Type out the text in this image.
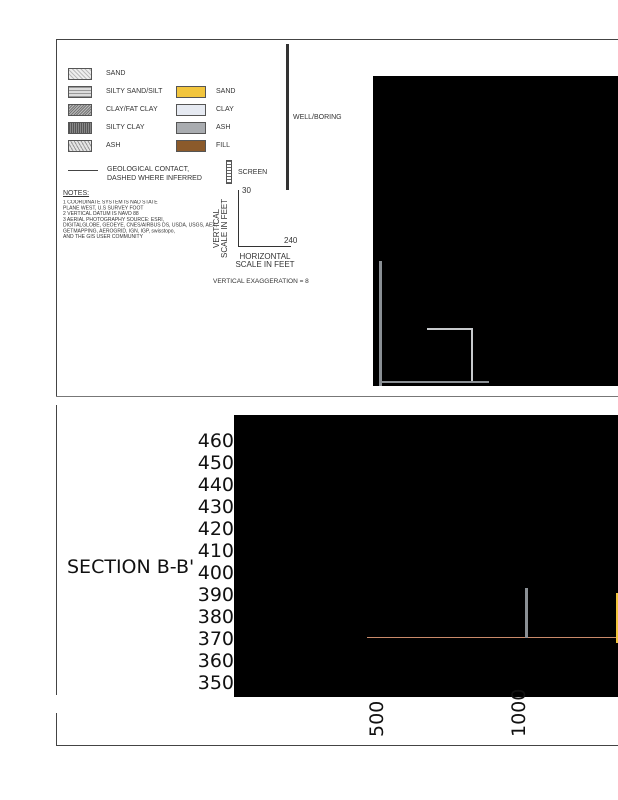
SAND
SILTY SAND/SILT
CLAY/FAT CLAY
SILTY CLAY
ASH
SAND
CLAY
ASH
FILL
WELL/BORING
GEOLOGICAL CONTACT,
DASHED WHERE INFERRED
SCREEN
NOTES:
1 COORDINATE SYSTEM IS NAD STATE
PLANE WEST, U.S SURVEY FOOT
2 VERTICAL DATUM IS NAVD 88
3 AERIAL PHOTOGRAPHY SOURCE: ESRI,
DIGITALGLOBE, GEOEYE, CNES/AIRBUS DS, USDA, USGS, AEX,
GETMAPPING, AEROGRID, IGN, IGP, swisstopo,
AND THE GIS USER COMMUNITY
30
240
VERTICAL SCALE IN FEET	HORIZONTAL
SCALE IN FEET
VERTICAL EXAGGERATION = 8
SECTION B-B'
460
450
440
430
420
410
400
390
380
370
360
350
500	1000
